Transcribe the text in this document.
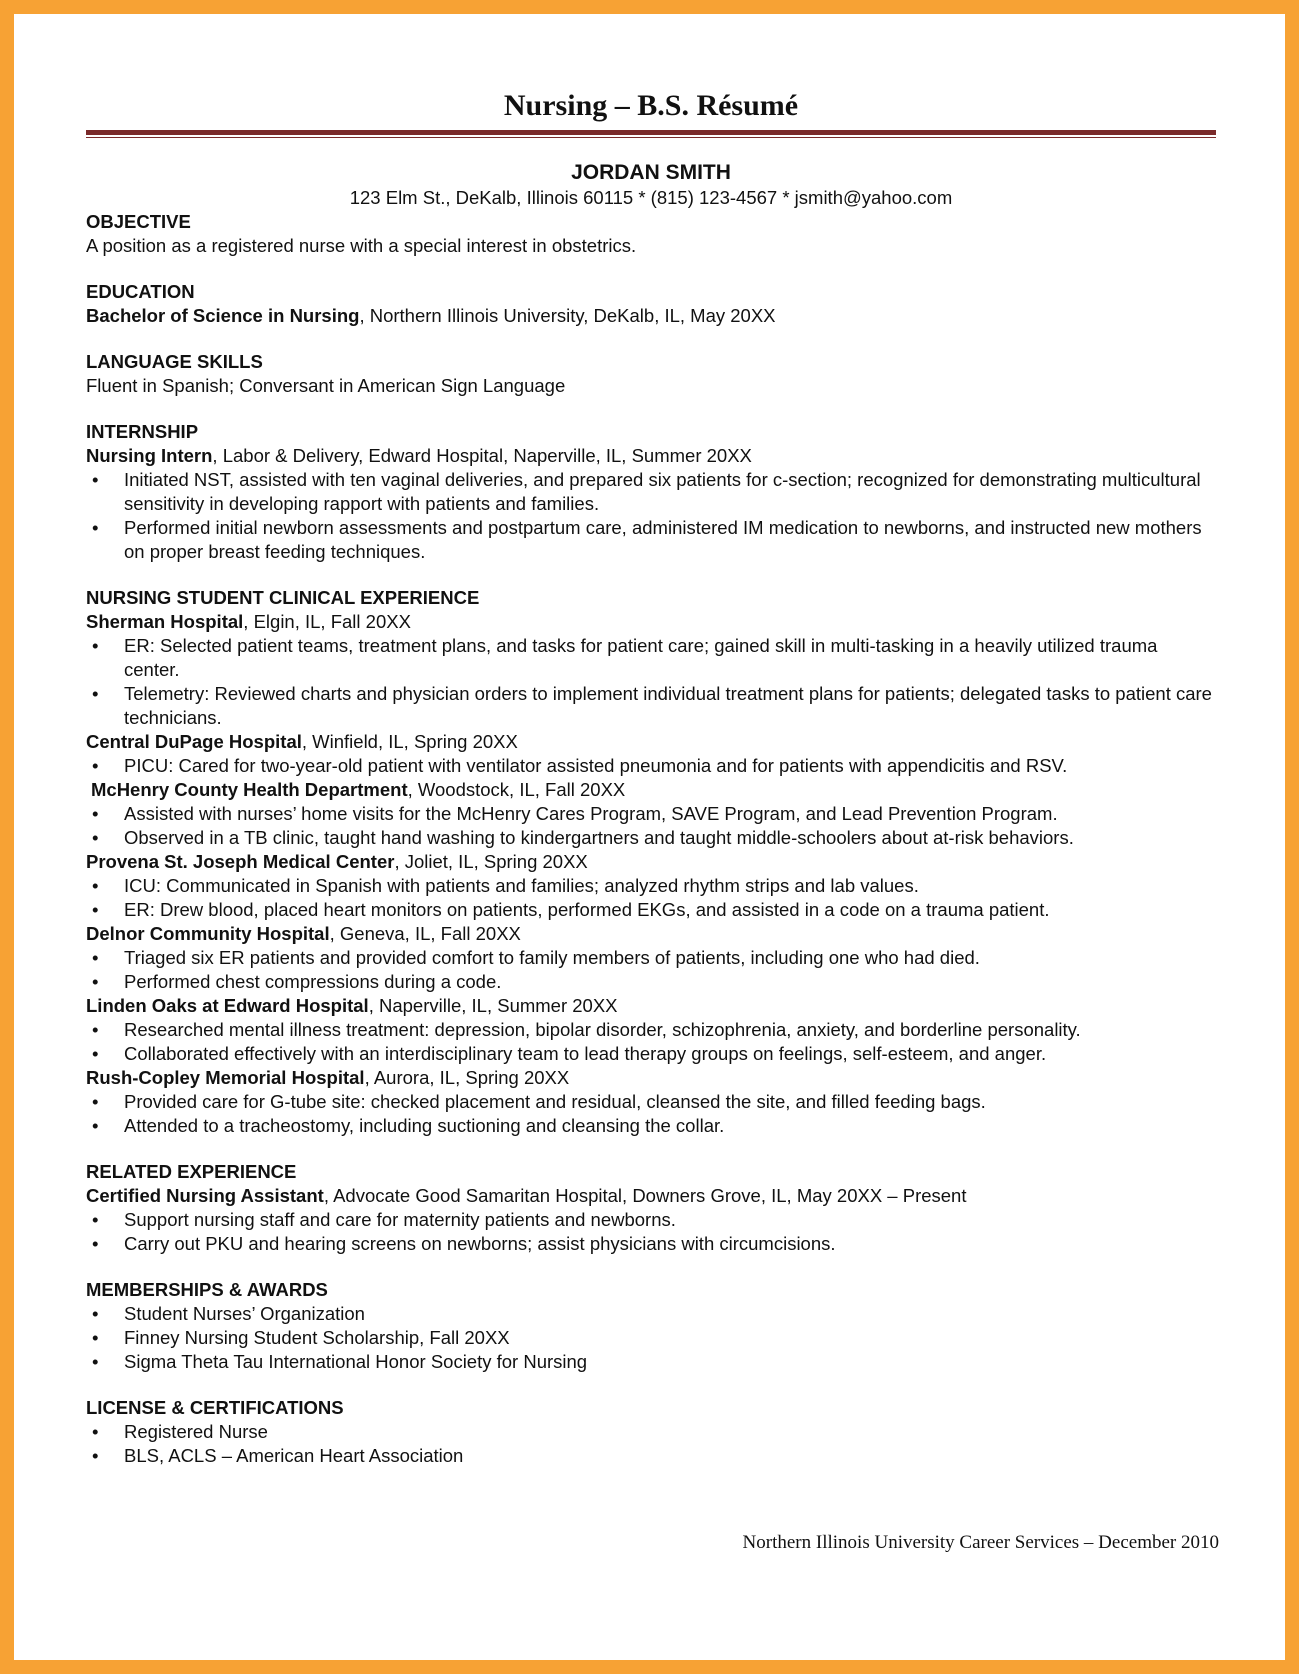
Nursing – B.S. Résumé
JORDAN SMITH
123 Elm St., DeKalb, Illinois 60115 * (815) 123-4567 * jsmith@yahoo.com
OBJECTIVE
A position as a registered nurse with a special interest in obstetrics.
EDUCATION
Bachelor of Science in Nursing, Northern Illinois University, DeKalb, IL, May 20XX
LANGUAGE SKILLS
Fluent in Spanish; Conversant in American Sign Language
INTERNSHIP
Nursing Intern, Labor & Delivery, Edward Hospital, Naperville, IL, Summer 20XX
• Initiated NST, assisted with ten vaginal deliveries, and prepared six patients for c-section; recognized for demonstrating multicultural sensitivity in developing rapport with patients and families.
• Performed initial newborn assessments and postpartum care, administered IM medication to newborns, and instructed new mothers on proper breast feeding techniques.
NURSING STUDENT CLINICAL EXPERIENCE
Sherman Hospital, Elgin, IL, Fall 20XX
• ER: Selected patient teams, treatment plans, and tasks for patient care; gained skill in multi-tasking in a heavily utilized trauma center.
• Telemetry: Reviewed charts and physician orders to implement individual treatment plans for patients; delegated tasks to patient care technicians.
Central DuPage Hospital, Winfield, IL, Spring 20XX
• PICU: Cared for two-year-old patient with ventilator assisted pneumonia and for patients with appendicitis and RSV.
McHenry County Health Department, Woodstock, IL, Fall 20XX
• Assisted with nurses’ home visits for the McHenry Cares Program, SAVE Program, and Lead Prevention Program.
• Observed in a TB clinic, taught hand washing to kindergartners and taught middle-schoolers about at-risk behaviors.
Provena St. Joseph Medical Center, Joliet, IL, Spring 20XX
• ICU: Communicated in Spanish with patients and families; analyzed rhythm strips and lab values.
• ER: Drew blood, placed heart monitors on patients, performed EKGs, and assisted in a code on a trauma patient.
Delnor Community Hospital, Geneva, IL, Fall 20XX
• Triaged six ER patients and provided comfort to family members of patients, including one who had died.
• Performed chest compressions during a code.
Linden Oaks at Edward Hospital, Naperville, IL, Summer 20XX
• Researched mental illness treatment: depression, bipolar disorder, schizophrenia, anxiety, and borderline personality.
• Collaborated effectively with an interdisciplinary team to lead therapy groups on feelings, self-esteem, and anger.
Rush-Copley Memorial Hospital, Aurora, IL, Spring 20XX
• Provided care for G-tube site: checked placement and residual, cleansed the site, and filled feeding bags.
• Attended to a tracheostomy, including suctioning and cleansing the collar.
RELATED EXPERIENCE
Certified Nursing Assistant, Advocate Good Samaritan Hospital, Downers Grove, IL, May 20XX – Present
• Support nursing staff and care for maternity patients and newborns.
• Carry out PKU and hearing screens on newborns; assist physicians with circumcisions.
MEMBERSHIPS & AWARDS
• Student Nurses’ Organization
• Finney Nursing Student Scholarship, Fall 20XX
• Sigma Theta Tau International Honor Society for Nursing
LICENSE & CERTIFICATIONS
• Registered Nurse
• BLS, ACLS – American Heart Association
Northern Illinois University Career Services – December 2010
